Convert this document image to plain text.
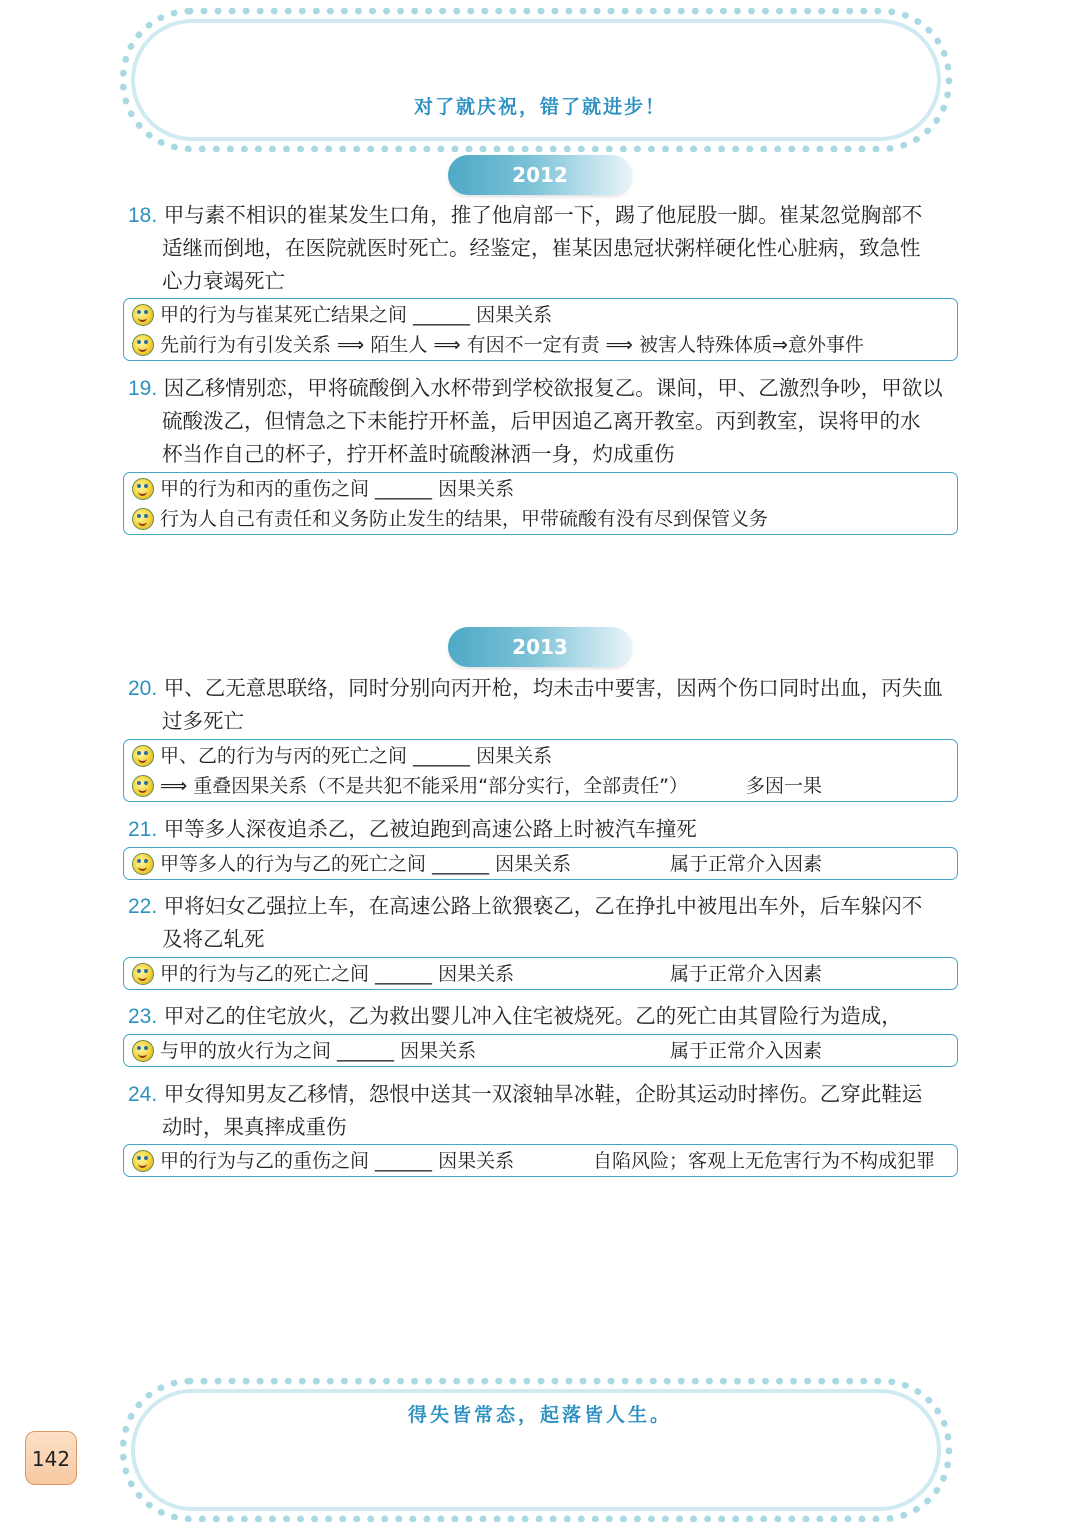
对了就庆祝，错了就进步！
2012
18. 甲与素不相识的崔某发生口角，推了他肩部一下，踢了他屁股一脚。崔某忽觉胸部不
适继而倒地，在医院就医时死亡。经鉴定，崔某因患冠状粥样硬化性心脏病，致急性
心力衰竭死亡
甲的行为与崔某死亡结果之间 ______ 因果关系
先前行为有引发关系 ⟹ 陌生人 ⟹ 有因不一定有责 ⟹ 被害人特殊体质⇒意外事件
19. 因乙移情别恋，甲将硫酸倒入水杯带到学校欲报复乙。课间，甲、乙激烈争吵，甲欲以
硫酸泼乙，但情急之下未能拧开杯盖，后甲因追乙离开教室。丙到教室，误将甲的水
杯当作自己的杯子，拧开杯盖时硫酸淋洒一身，灼成重伤
甲的行为和丙的重伤之间 ______ 因果关系
行为人自己有责任和义务防止发生的结果，甲带硫酸有没有尽到保管义务
2013
20. 甲、乙无意思联络，同时分别向丙开枪，均未击中要害，因两个伤口同时出血，丙失血
过多死亡
甲、乙的行为与丙的死亡之间 ______ 因果关系
⟹ 重叠因果关系（不是共犯不能采用“部分实行，全部责任”）	多因一果
21. 甲等多人深夜追杀乙，乙被迫跑到高速公路上时被汽车撞死
甲等多人的行为与乙的死亡之间 ______ 因果关系	属于正常介入因素
22. 甲将妇女乙强拉上车，在高速公路上欲猥亵乙，乙在挣扎中被甩出车外，后车躲闪不
及将乙轧死
甲的行为与乙的死亡之间 ______ 因果关系	属于正常介入因素
23. 甲对乙的住宅放火，乙为救出婴儿冲入住宅被烧死。乙的死亡由其冒险行为造成，
与甲的放火行为之间 ______ 因果关系	属于正常介入因素
24. 甲女得知男友乙移情，怨恨中送其一双滚轴旱冰鞋，企盼其运动时摔伤。乙穿此鞋运
动时，果真摔成重伤
甲的行为与乙的重伤之间 ______ 因果关系	自陷风险；客观上无危害行为不构成犯罪
得失皆常态，起落皆人生。
142
